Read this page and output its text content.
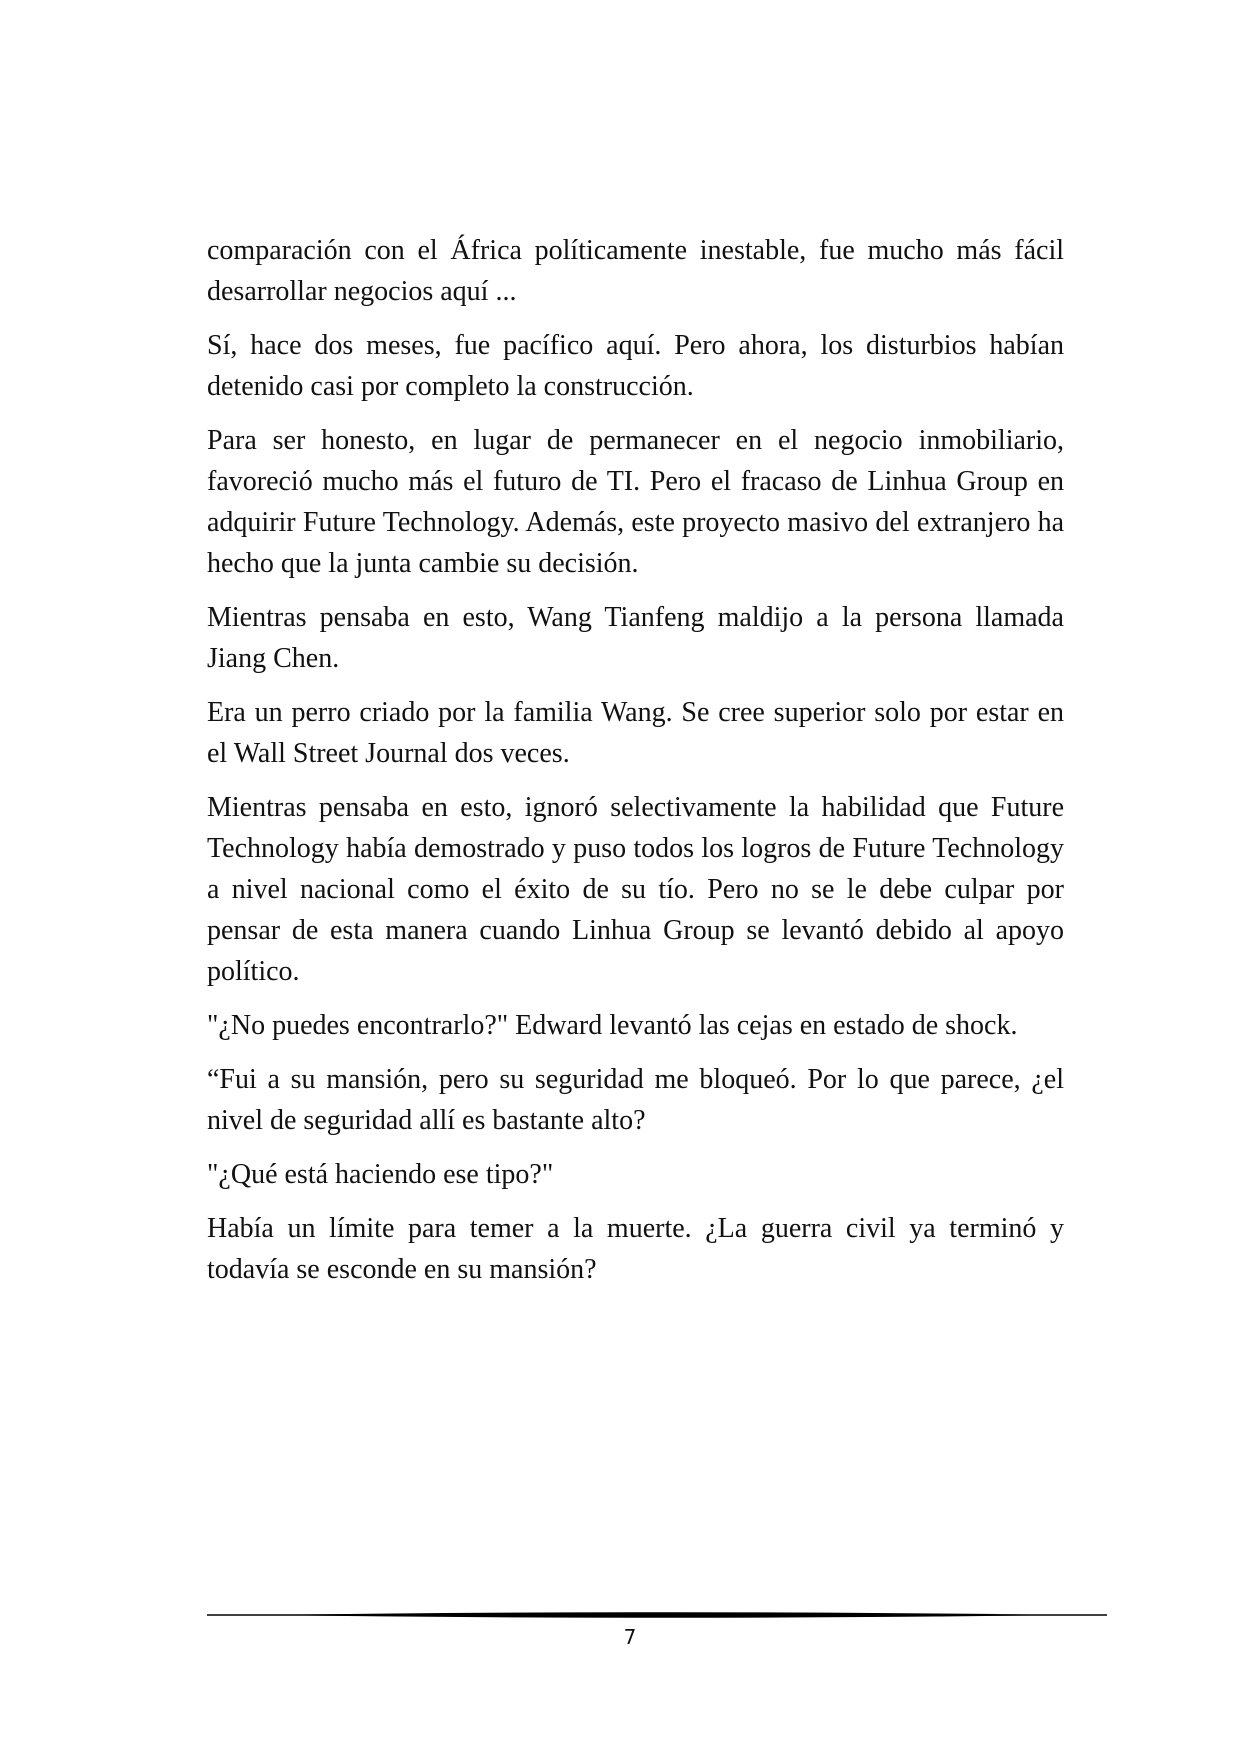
comparación con el África políticamente inestable, fue mucho más fácil desarrollar negocios aquí ...

Sí, hace dos meses, fue pacífico aquí. Pero ahora, los disturbios habían detenido casi por completo la construcción.

Para ser honesto, en lugar de permanecer en el negocio inmobiliario, favoreció mucho más el futuro de TI. Pero el fracaso de Linhua Group en adquirir Future Technology. Además, este proyecto masivo del extranjero ha hecho que la junta cambie su decisión.

Mientras pensaba en esto, Wang Tianfeng maldijo a la persona llamada Jiang Chen.

Era un perro criado por la familia Wang. Se cree superior solo por estar en el Wall Street Journal dos veces.

Mientras pensaba en esto, ignoró selectivamente la habilidad que Future Technology había demostrado y puso todos los logros de Future Technology a nivel nacional como el éxito de su tío. Pero no se le debe culpar por pensar de esta manera cuando Linhua Group se levantó debido al apoyo político.

"¿No puedes encontrarlo?" Edward levantó las cejas en estado de shock.

“Fui a su mansión, pero su seguridad me bloqueó. Por lo que parece, ¿el nivel de seguridad allí es bastante alto?

"¿Qué está haciendo ese tipo?"

Había un límite para temer a la muerte. ¿La guerra civil ya terminó y todavía se esconde en su mansión?

7
